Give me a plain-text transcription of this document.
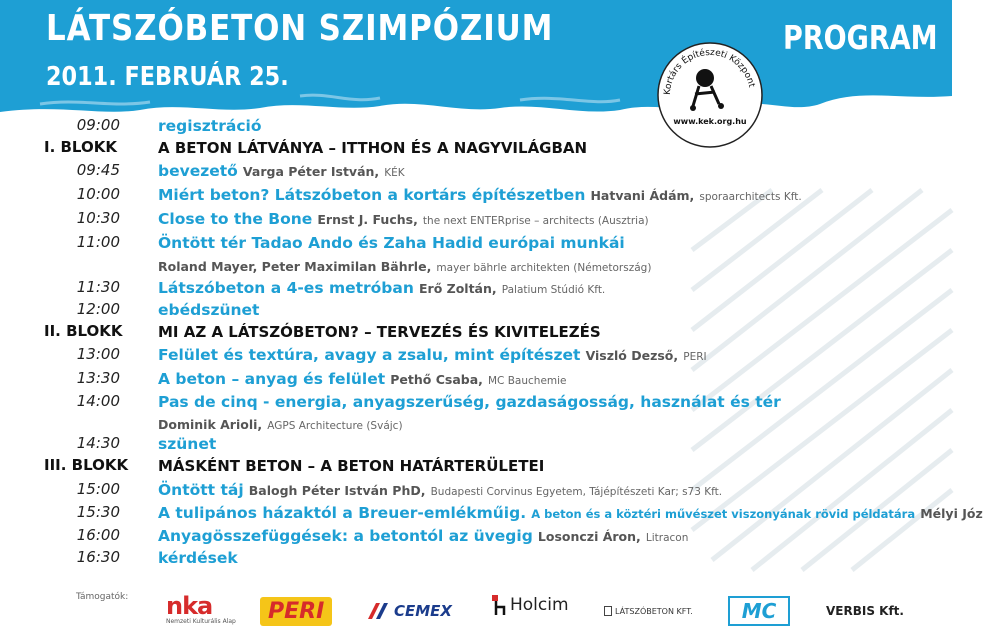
LÁTSZÓBETON SZIMPÓZIUM
2011. FEBRUÁR 25.
PROGRAM
Kortárs Építészeti Központ
www.kek.org.hu
09:00 regisztráció
I. BLOKK	A BETON LÁTVÁNYA – ITTHON ÉS A NAGYVILÁGBAN
09:45 bevezető Varga Péter István, KÉK
10:00 Miért beton? Látszóbeton a kortárs építészetben Hatvani Ádám, sporaarchitects Kft.
10:30 Close to the Bone Ernst J. Fuchs, the next ENTERprise – architects (Ausztria)
11:00 Öntött tér Tadao Ando és Zaha Hadid európai munkái
Roland Mayer, Peter Maximilan Bährle, mayer bährle architekten (Németország)
11:30 Látszóbeton a 4-es metróban Erő Zoltán, Palatium Stúdió Kft.
12:00 ebédszünet
II. BLOKK MI AZ A LÁTSZÓBETON? – TERVEZÉS ÉS KIVITELEZÉS
13:00 Felület és textúra, avagy a zsalu, mint építészet Viszló Dezső, PERI
13:30 A beton – anyag és felület Pethő Csaba, MC Bauchemie
14:00 Pas de cinq - energia, anyagszerűség, gazdaságosság, használat és tér
Dominik Arioli, AGPS Architecture (Svájc)
14:30 szünet
III. BLOKK MÁSKÉNT BETON – A BETON HATÁRTERÜLETEI
15:00 Öntött táj Balogh Péter István PhD, Budapesti Corvinus Egyetem, Tájépítészeti Kar; s73 Kft.
15:30 A tulipános házaktól a Breuer-emlékműig. A beton és a köztéri művészet viszonyának rövid példatára Mélyi Józ
16:00 Anyagösszefüggések: a betontól az üvegig Losonczi Áron, Litracon
16:30 kérdések
Támogatók: nka
Nemzeti Kulturális Alap	PERI	CEMEX	Holcim	LÁTSZÓBETON KFT.	MC	VERBIS Kft.
